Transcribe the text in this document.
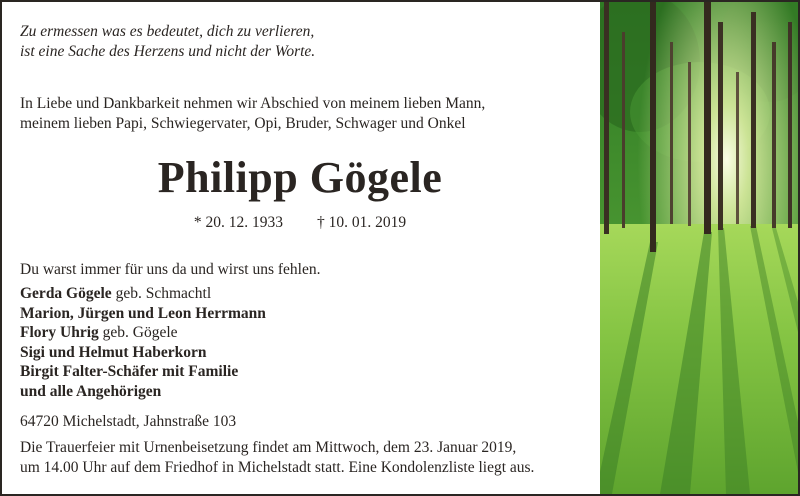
Zu ermessen was es bedeutet, dich zu verlieren,
ist eine Sache des Herzens und nicht der Worte.
In Liebe und Dankbarkeit nehmen wir Abschied von meinem lieben Mann,
meinem lieben Papi, Schwiegervater, Opi, Bruder, Schwager und Onkel
Philipp Gögele
* 20. 12. 1933 † 10. 01. 2019
Du warst immer für uns da und wirst uns fehlen.
Gerda Gögele geb. Schmachtl
Marion, Jürgen und Leon Herrmann
Flory Uhrig geb. Gögele
Sigi und Helmut Haberkorn
Birgit Falter-Schäfer mit Familie
und alle Angehörigen
64720 Michelstadt, Jahnstraße 103
Die Trauerfeier mit Urnenbeisetzung findet am Mittwoch, dem 23. Januar 2019,
um 14.00 Uhr auf dem Friedhof in Michelstadt statt. Eine Kondolenzliste liegt aus.
